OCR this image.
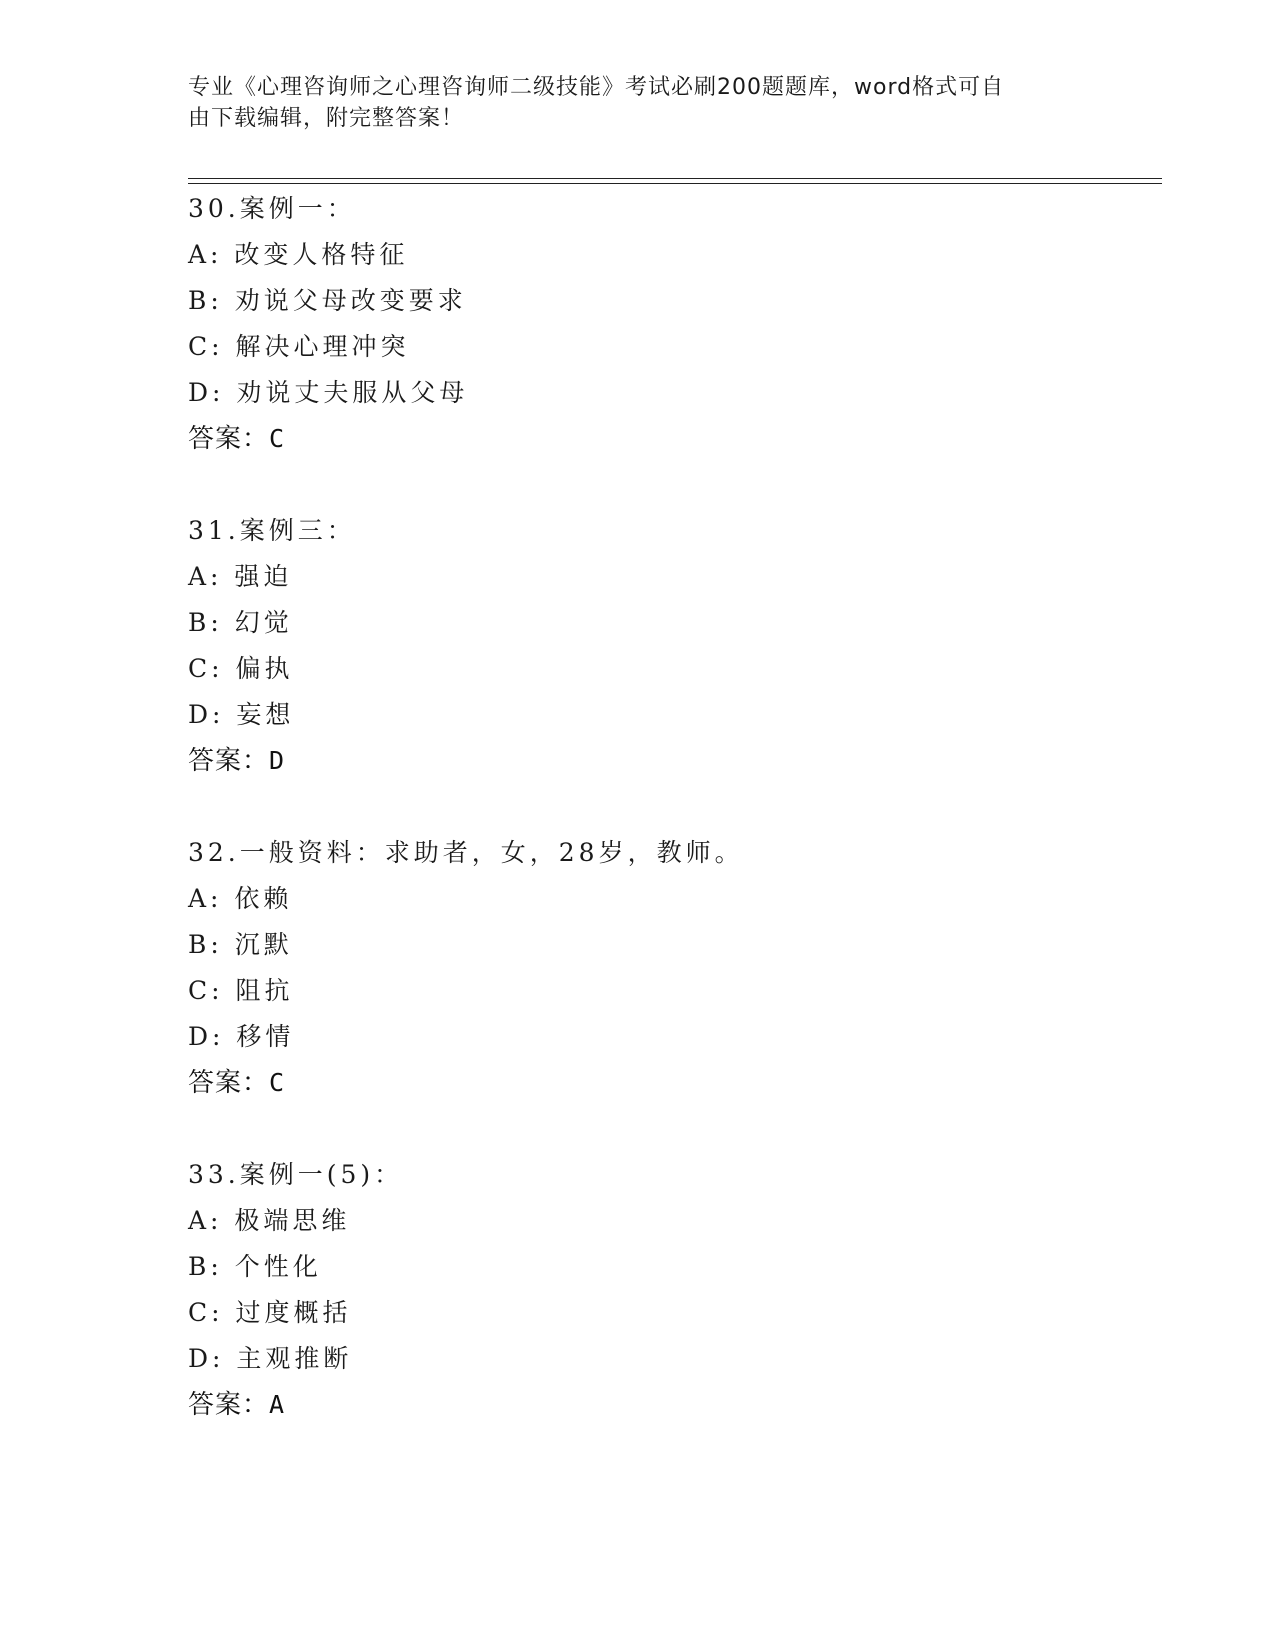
专业《心理咨询师之心理咨询师二级技能》考试必刷200题题库，word格式可自
由下载编辑，附完整答案！
30.案例一：
A: 改变人格特征
B: 劝说父母改变要求
C: 解决心理冲突
D: 劝说丈夫服从父母
答案：C
31.案例三：
A: 强迫
B: 幻觉
C: 偏执
D: 妄想
答案：D
32.一般资料：求助者，女，28岁，教师。
A: 依赖
B: 沉默
C: 阻抗
D: 移情
答案：C
33.案例一(5)：
A: 极端思维
B: 个性化
C: 过度概括
D: 主观推断
答案：A
